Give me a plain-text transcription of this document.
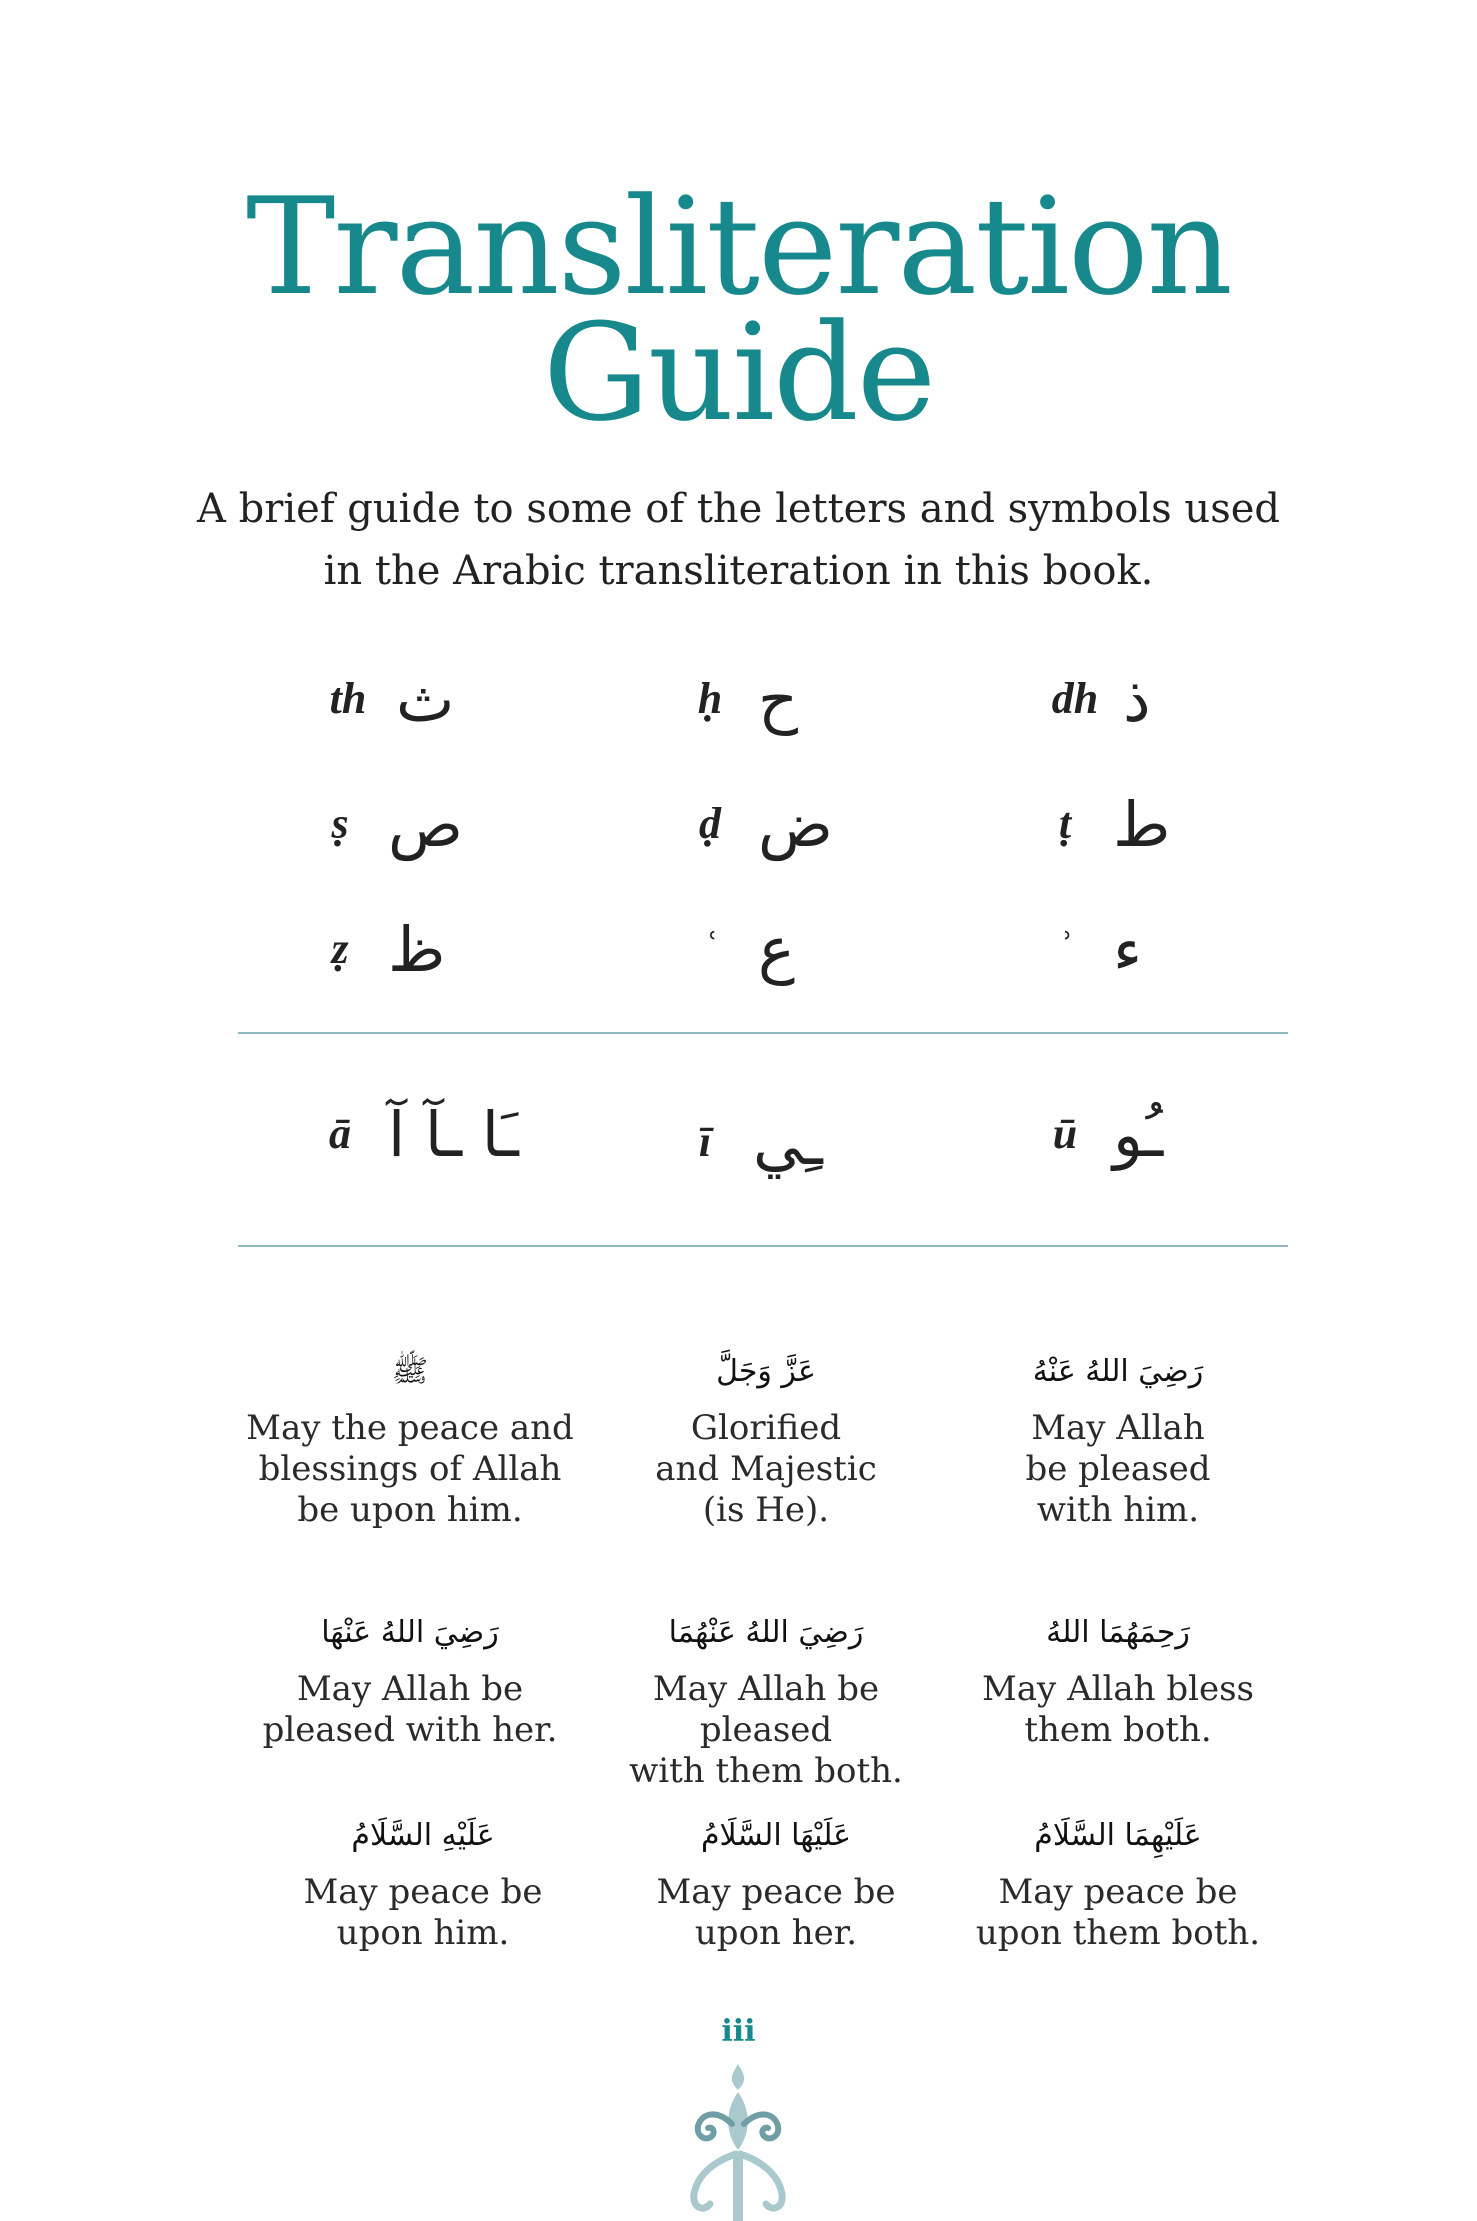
Transliteration
Guide
A brief guide to some of the letters and symbols used
in the Arabic transliteration in this book.
th ث	ḥ ح	dh ذ
ṣ ص	ḍ ض	ṭ ط
ẓ ظ	ʿ ع	ʾ ء
ā ـَا ـآ آ	ī ـِي	ū ـُو
ﷺ
May the peace and
blessings of Allah
be upon him.
عَزَّ وَجَلَّ
Glorified
and Majestic
(is He).
رَضِيَ اللهُ عَنْهُ
May Allah
be pleased
with him.
رَضِيَ اللهُ عَنْهَا
May Allah be
pleased with her.
رَضِيَ اللهُ عَنْهُمَا
May Allah be pleased
with them both.
رَحِمَهُمَا اللهُ
May Allah bless
them both.
عَلَيْهِ السَّلَامُ
May peace be
upon him.
عَلَيْهَا السَّلَامُ
May peace be
upon her.
عَلَيْهِمَا السَّلَامُ
May peace be
upon them both.
iii
